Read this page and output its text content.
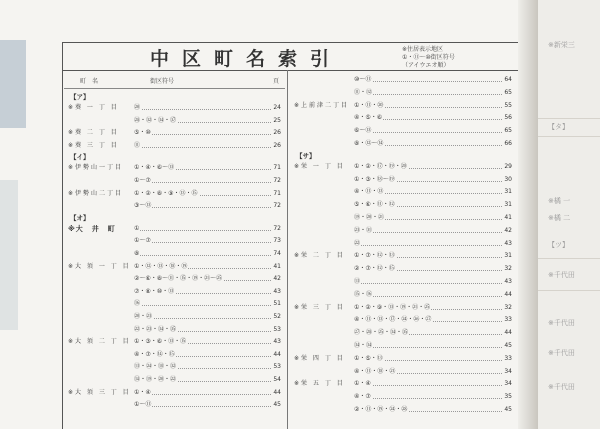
中区町名索引	※住居表示地区
①・⑪～⑩街区符号
（アイウエオ順）
町　名	街区符号	頁
【ア】
※葵 一 丁 目	⑳	24
㉘・㉜・㉞・㊲	25
※葵 二 丁 目	⑤・⑩	26
※葵 三 丁 目	⑪	26
【イ】
※伊勢山一丁目 ①・④・⑥～⑬	71
①～⑦	72
※伊勢山二丁目 ①・②・⑧・⑨・⑬・⑮	71
③～⑬	72
【オ】
※大　井　町	①	72
①～⑦	73
⑧	74
※大 須 一 丁 目 ①・⑫・⑬・⑱・⑲	41
②～⑥・⑧～⑪・⑮・⑲・㉑～㉕	42
⑦・⑧・⑩・⑬	43
⑯	51
⑳・㉓	52
㉒・㉓・㉞・㉟	53
※大 須 二 丁 目 ①・③・⑥・⑬・⑮	43
④・⑦・⑭・⑮	44
⑬・㉔・⑱・㉜	53
⑭・⑲・⑳・㉒	54
※大 須 三 丁 目 ①・④	44
①～⑪	45
⑩～⑪	64
⑪・⑫	65
※上前津二丁目 ①・⑪・⑳	55
④・⑤・⑥	56
⑥～⑬	65
⑧・⑫～⑭	66
【サ】
※栄 一 丁 目 ①・②・⑰・⑲・⑳	29
①・③・⑱～⑲	30
④・⑪・⑬	31
⑤・⑥・⑪・⑫	31
⑲・⑳・㉑	41
㉓・㉛	42
㉒	43
※栄 二 丁 目 ①・⑦・⑫・⑬	31
②・⑦・⑫・⑮	32
⑬	43
⑮・⑯	44
※栄 三 丁 目 ①・②・⑨・⑬・⑲・㉑・㉕	32
④・⑪・⑬・⑰・㉔・㉖・㉗	33
㉗・㉘・㉕・㉞・㉟	44
㉞・㉞	45
※栄 四 丁 目 ①・⑤・⑬	33
④・⑪・⑱・㉑	34
※栄 五 丁 目 ①・④	34
④・⑦	35
②・⑪・⑲・㉔・㉘	45
※新栄三
【タ】
※橘 一
※橘 二
【ツ】
※千代田
※千代田
※千代田
※千代田
